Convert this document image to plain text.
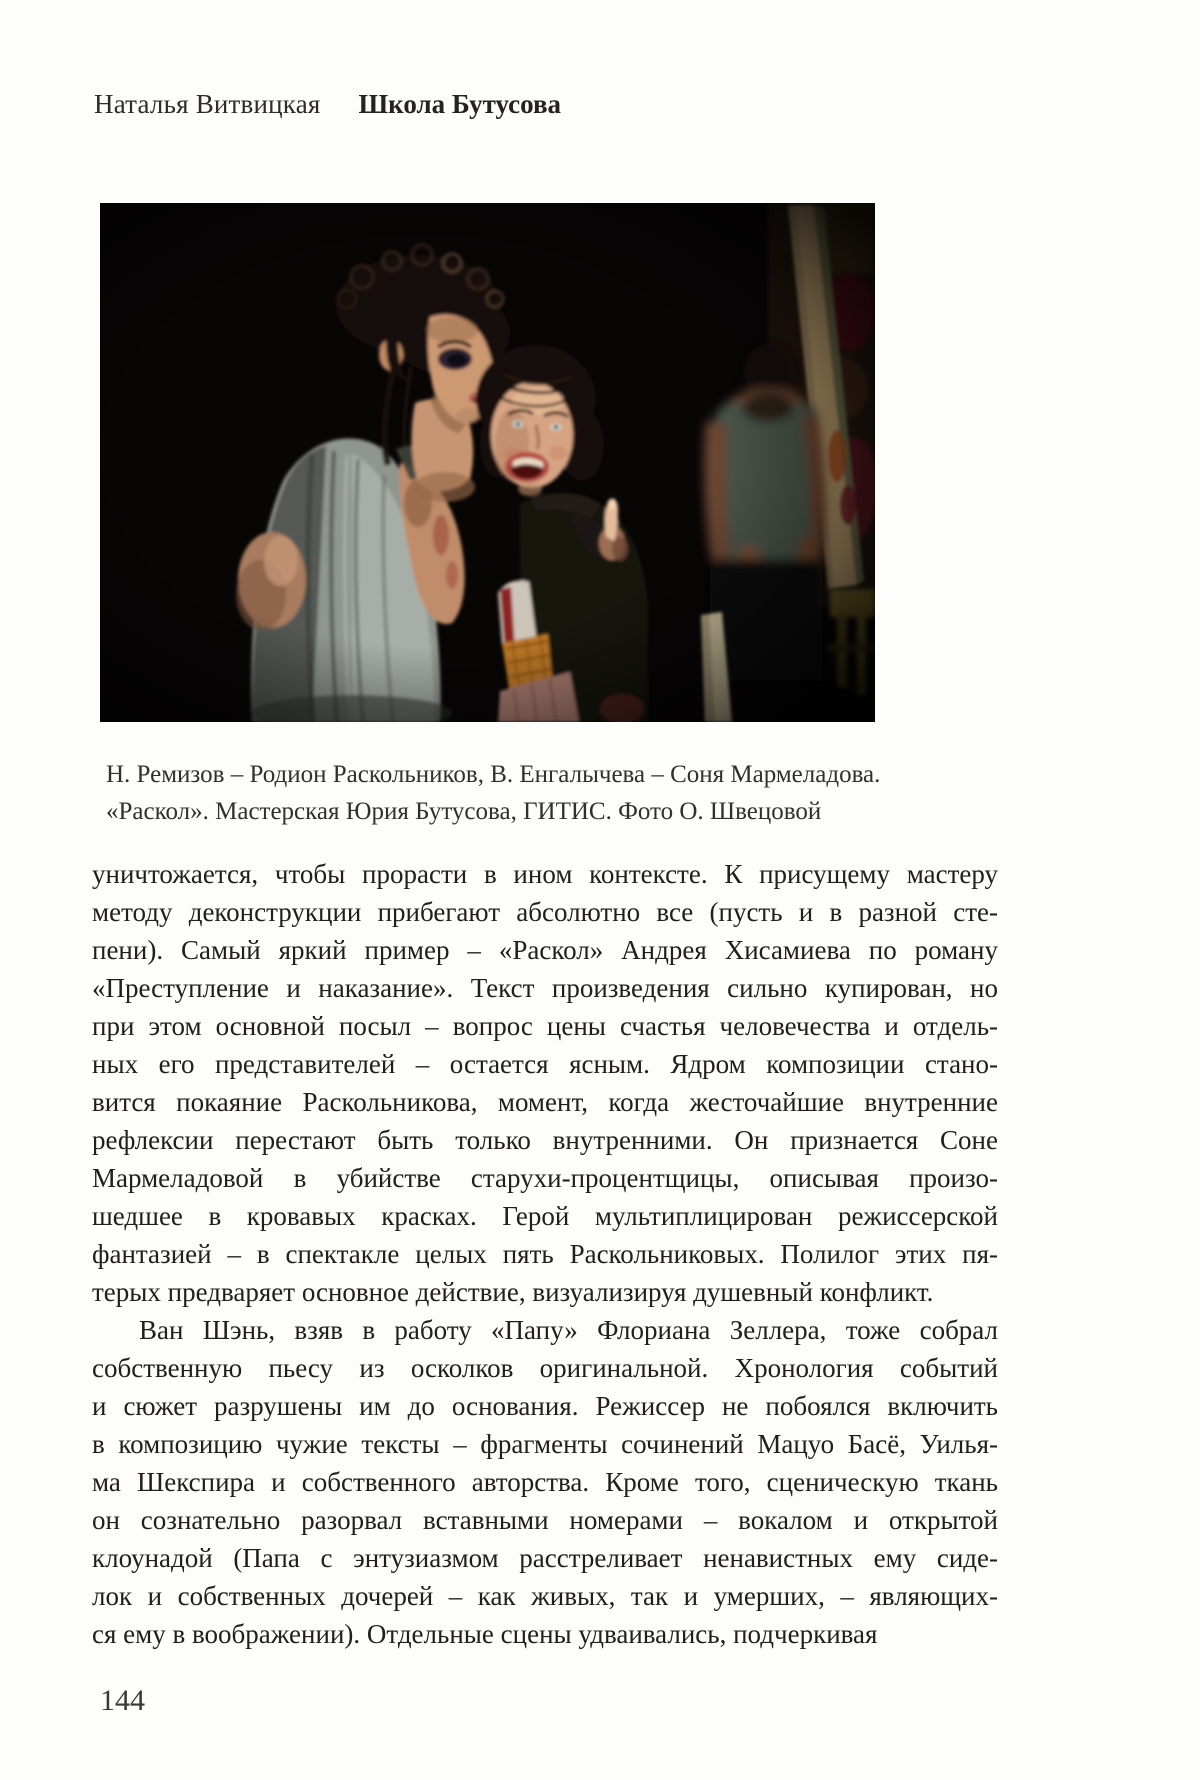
Наталья Витвицкая Школа Бутусова
Н. Ремизов – Родион Раскольников, В. Енгалычева – Соня Мармеладова.
«Раскол». Мастерская Юрия Бутусова, ГИТИС. Фото О. Швецовой
уничтожается, чтобы прорасти в ином контексте. К присущему мастеру
методу деконструкции прибегают абсолютно все (пусть и в разной сте-
пени). Самый яркий пример – «Раскол» Андрея Хисамиева по роману
«Преступление и наказание». Текст произведения сильно купирован, но
при этом основной посыл – вопрос цены счастья человечества и отдель-
ных его представителей – остается ясным. Ядром композиции стано-
вится покаяние Раскольникова, момент, когда жесточайшие внутренние
рефлексии перестают быть только внутренними. Он признается Соне
Мармеладовой в убийстве старухи-процентщицы, описывая произо-
шедшее в кровавых красках. Герой мультиплицирован режиссерской
фантазией – в спектакле целых пять Раскольниковых. Полилог этих пя-
терых предваряет основное действие, визуализируя душевный конфликт.
Ван Шэнь, взяв в работу «Папу» Флориана Зеллера, тоже собрал
собственную пьесу из осколков оригинальной. Хронология событий
и сюжет разрушены им до основания. Режиссер не побоялся включить
в композицию чужие тексты – фрагменты сочинений Мацуо Басё, Уилья-
ма Шекспира и собственного авторства. Кроме того, сценическую ткань
он сознательно разорвал вставными номерами – вокалом и открытой
клоунадой (Папа с энтузиазмом расстреливает ненавистных ему сиде-
лок и собственных дочерей – как живых, так и умерших, – являющих-
ся ему в воображении). Отдельные сцены удваивались, подчеркивая
144
